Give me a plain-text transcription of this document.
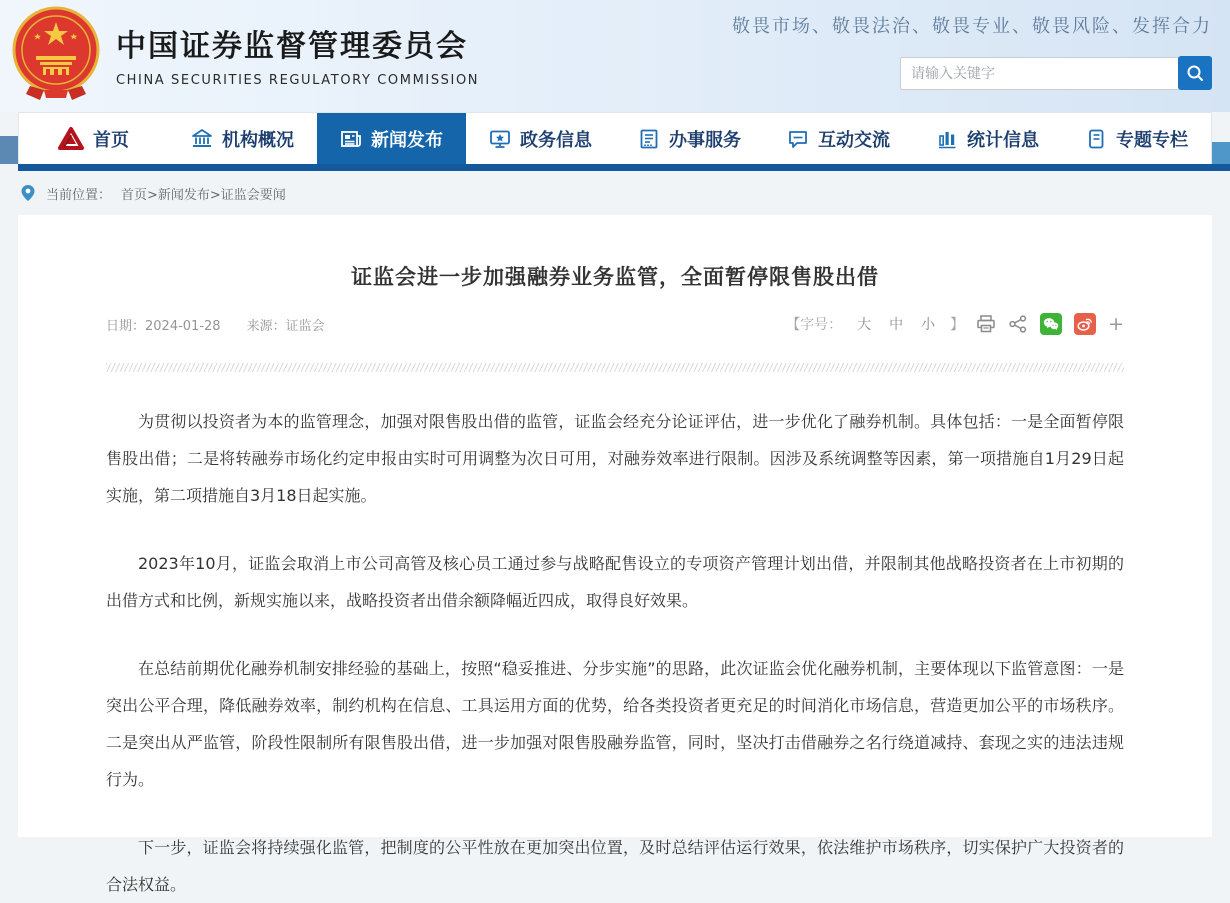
中国证券监督管理委员会
CHINA SECURITIES REGULATORY COMMISSION
敬畏市场、敬畏法治、敬畏专业、敬畏风险、发挥合力
请输入关键字
首页	机构概况	新闻发布	政务信息	办事服务	互动交流	统计信息	专题专栏
当前位置： 首页>新闻发布>证监会要闻
证监会进一步加强融券业务监管，全面暂停限售股出借
日期：2024-01-28 来源：证监会	【字号： 大 中 小 】	+

为贯彻以投资者为本的监管理念，加强对限售股出借的监管，证监会经充分论证评估，进一步优化了融券机制。具体包括：一是全面暂停限售股出借；二是将转融券市场化约定申报由实时可用调整为次日可用，对融券效率进行限制。因涉及系统调整等因素，第一项措施自1月29日起实施，第二项措施自3月18日起实施。

2023年10月，证监会取消上市公司高管及核心员工通过参与战略配售设立的专项资产管理计划出借，并限制其他战略投资者在上市初期的出借方式和比例，新规实施以来，战略投资者出借余额降幅近四成，取得良好效果。

在总结前期优化融券机制安排经验的基础上，按照“稳妥推进、分步实施”的思路，此次证监会优化融券机制，主要体现以下监管意图：一是突出公平合理，降低融券效率，制约机构在信息、工具运用方面的优势，给各类投资者更充足的时间消化市场信息，营造更加公平的市场秩序。二是突出从严监管，阶段性限制所有限售股出借，进一步加强对限售股融券监管，同时，坚决打击借融券之名行绕道减持、套现之实的违法违规行为。

下一步，证监会将持续强化监管，把制度的公平性放在更加突出位置，及时总结评估运行效果，依法维护市场秩序，切实保护广大投资者的合法权益。
